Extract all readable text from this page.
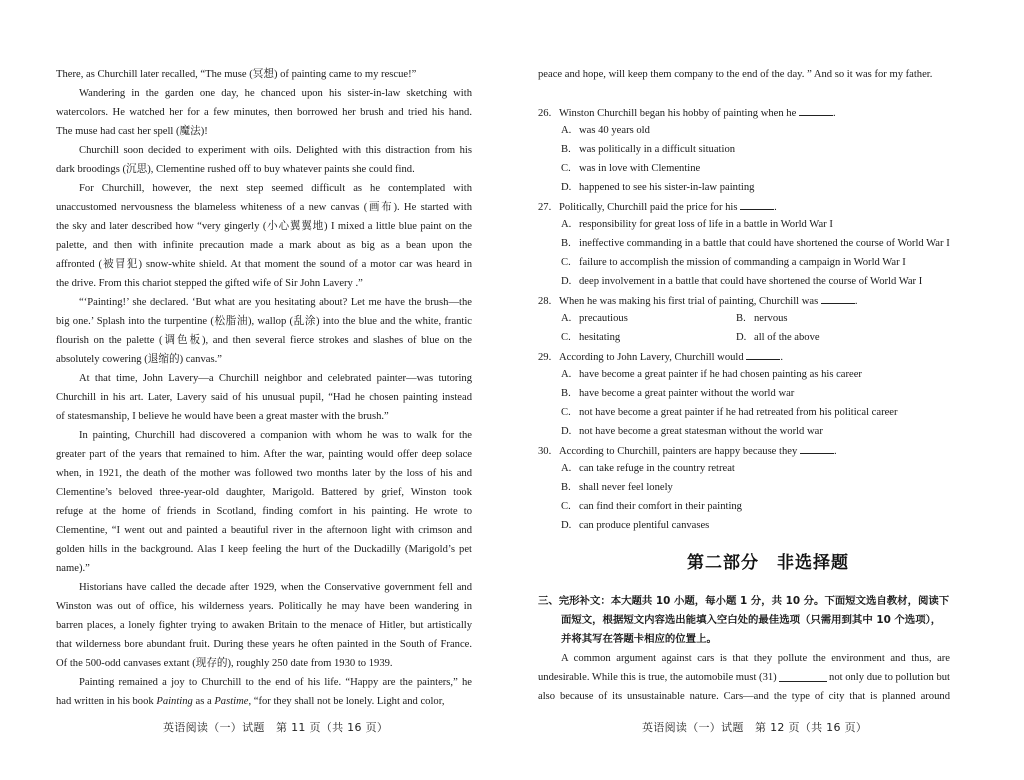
There, as Churchill later recalled, “The muse (冥想) of painting came to my rescue!”
Wandering in the garden one day, he chanced upon his sister-in-law sketching with
watercolors. He watched her for a few minutes, then borrowed her brush and tried his hand.
The muse had cast her spell (魔法)!
Churchill soon decided to experiment with oils. Delighted with this distraction from his
dark broodings (沉思), Clementine rushed off to buy whatever paints she could find.
For Churchill, however, the next step seemed difficult as he contemplated with
unaccustomed nervousness the blameless whiteness of a new canvas (画布). He started with
the sky and later described how “very gingerly (小心翼翼地) I mixed a little blue paint on the
palette, and then with infinite precaution made a mark about as big as a bean upon the
affronted (被冒犯) snow-white shield. At that moment the sound of a motor car was heard in
the drive. From this chariot stepped the gifted wife of Sir John Lavery .”
“‘Painting!’ she declared. ‘But what are you hesitating about? Let me have the brush—the
big one.’ Splash into the turpentine (松脂油), wallop (乱涂) into the blue and the white, frantic
flourish on the palette (调色板), and then several fierce strokes and slashes of blue on the
absolutely cowering (退缩的) canvas.”
At that time, John Lavery—a Churchill neighbor and celebrated painter—was tutoring
Churchill in his art. Later, Lavery said of his unusual pupil, “Had he chosen painting instead
of statesmanship, I believe he would have been a great master with the brush.”
In painting, Churchill had discovered a companion with whom he was to walk for the
greater part of the years that remained to him. After the war, painting would offer deep solace
when, in 1921, the death of the mother was followed two months later by the loss of his and
Clementine’s beloved three-year-old daughter, Marigold. Battered by grief, Winston took
refuge at the home of friends in Scotland, finding comfort in his painting. He wrote to
Clementine, “I went out and painted a beautiful river in the afternoon light with crimson and
golden hills in the background. Alas I keep feeling the hurt of the Duckadilly (Marigold’s pet
name).”
Historians have called the decade after 1929, when the Conservative government fell and
Winston was out of office, his wilderness years. Politically he may have been wandering in
barren places, a lonely fighter trying to awaken Britain to the menace of Hitler, but artistically
that wilderness bore abundant fruit. During these years he often painted in the South of France.
Of the 500-odd canvases extant (现存的), roughly 250 date from 1930 to 1939.
Painting remained a joy to Churchill to the end of his life. “Happy are the painters,” he
had written in his book Painting as a Pastime , “for they shall not be lonely. Light and color,
英语阅读（一）试题　第 11 页（共 16 页）
peace and hope, will keep them company to the end of the day. ” And so it was for my father.
26. Winston Churchill began his hobby of painting when he	.
A. was 40 years old
B. was politically in a difficult situation
C. was in love with Clementine
D. happened to see his sister-in-law painting
27. Politically, Churchill paid the price for his	.
A. responsibility for great loss of life in a battle in World War I
B. ineffective commanding in a battle that could have shortened the course of World War I
C. failure to accomplish the mission of commanding a campaign in World War I
D. deep involvement in a battle that could have shortened the course of World War I
28. When he was making his first trial of painting, Churchill was	.
A. precautious	B. nervous
C. hesitating	D. all of the above
29. According to John Lavery, Churchill would	.
A. have become a great painter if he had chosen painting as his career
B. have become a great painter without the world war
C. not have become a great painter if he had retreated from his political career
D. not have become a great statesman without the world war
30. According to Churchill, painters are happy because they	.
A. can take refuge in the country retreat
B. shall never feel lonely
C. can find their comfort in their painting
D. can produce plentiful canvases
第二部分　非选择题
三、完形补文：本大题共 10 小题，每小题 1 分，共 10 分。下面短文选自教材，阅读下
面短文，根据短文内容选出能填入空白处的最佳选项（只需用到其中 10 个选项），
并将其写在答题卡相应的位置上。
A common argument against cars is that they pollute the environment and thus, are
undesirable. While this is true, the automobile must (31)	not only due to pollution but
also because of its unsustainable nature. Cars—and the type of city that is planned around
英语阅读（一）试题　第 12 页（共 16 页）
